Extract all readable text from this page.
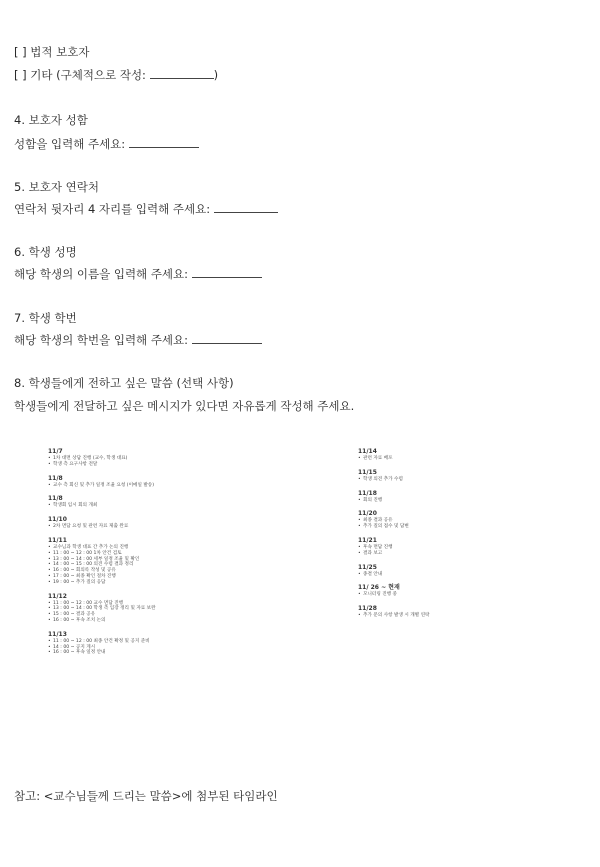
[ ] 법적 보호자
[ ] 기타 (구체적으로 작성:	)
4. 보호자 성함
성함을 입력해 주세요:
5. 보호자 연락처
연락처 뒷자리 4 자리를 입력해 주세요:
6. 학생 성명
해당 학생의 이름을 입력해 주세요:
7. 학생 학번
해당 학생의 학번을 입력해 주세요:
8. 학생들에게 전하고 싶은 말씀 (선택 사항)
학생들에게 전달하고 싶은 메시지가 있다면 자유롭게 작성해 주세요.
11/7
• 1차 대면 상담 진행 (교수, 학생 대표)
• 학생 측 요구사항 전달
11/8
• 교수 측 회신 및 추가 일정 조율 요청 (이메일 발송)
11/8
• 학생회 임시 회의 개최
11/10
• 2차 면담 요청 및 관련 자료 제출 완료
11/11
• 교수님과 학생 대표 간 추가 논의 진행
• 11 : 00 ~ 12 : 00 1차 안건 검토
• 13 : 00 ~ 14 : 00 세부 일정 조율 및 확인
• 14 : 00 ~ 15 : 00 의견 수렴 결과 정리
• 16 : 00 ~ 회의록 작성 및 공유
• 17 : 00 ~ 최종 확인 절차 진행
• 19 : 00 ~ 추가 질의 응답
11/12
• 11 : 00 ~ 12 : 00 교수 면담 진행
• 13 : 00 ~ 14 : 00 학생 측 입장 정리 및 자료 보완
• 15 : 00 ~ 결과 공유
• 16 : 00 ~ 후속 조치 논의
11/13
• 11 : 00 ~ 12 : 00 최종 안건 확정 및 공지 준비
• 14 : 00 ~ 공지 게시
• 16 : 00 ~ 후속 일정 안내
11/14
• 관련 자료 배포
11/15
• 학생 의견 추가 수렴
11/18
• 회의 진행
11/20
• 최종 결과 공유
• 추가 질의 접수 및 답변
11/21
• 후속 면담 진행
• 결과 보고
11/25
• 종결 안내
11/ 26 ~ 현재
• 모니터링 진행 중
11/28
• 추가 문의 사항 발생 시 개별 연락
참고: <교수님들께 드리는 말씀>에 첨부된 타임라인
